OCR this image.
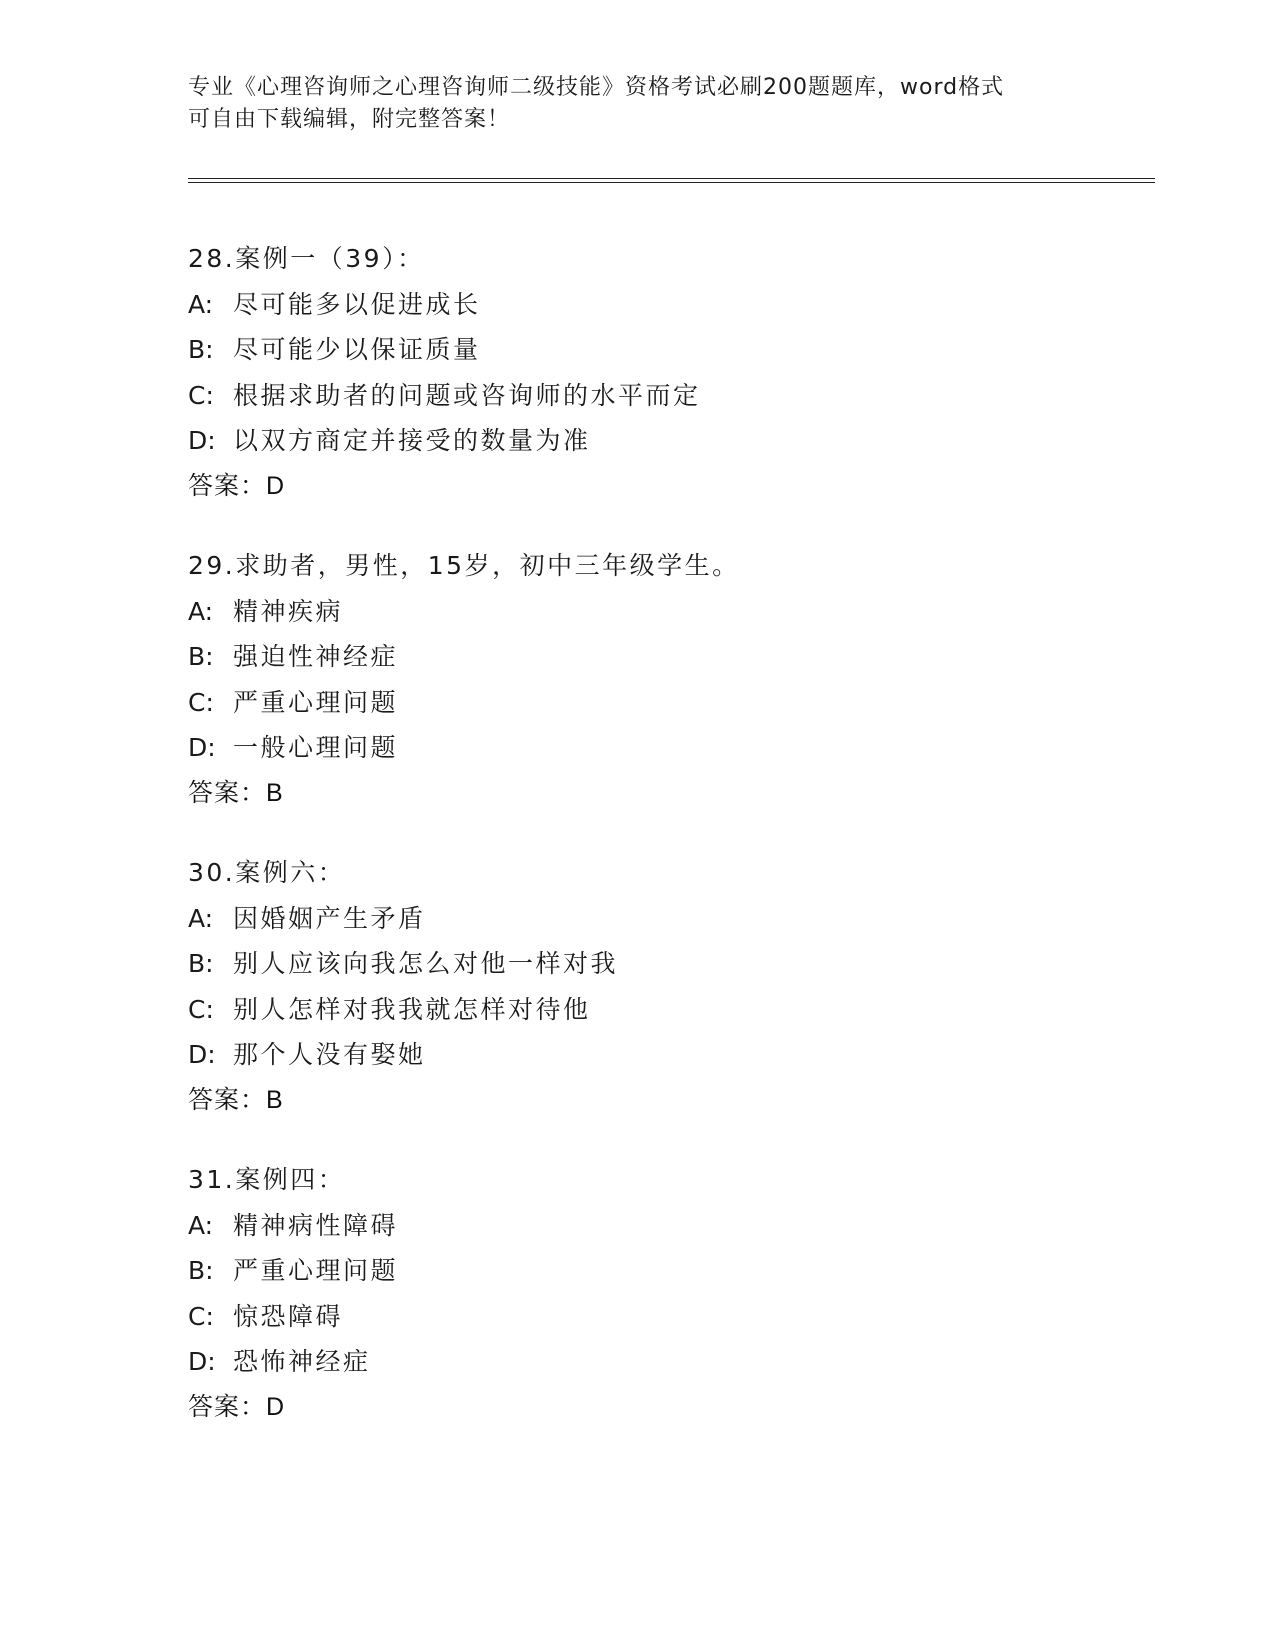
专业《心理咨询师之心理咨询师二级技能》资格考试必刷200题题库，word格式
可自由下载编辑，附完整答案！
28.案例一（39）：
A: 尽可能多以促进成长
B: 尽可能少以保证质量
C: 根据求助者的问题或咨询师的水平而定
D: 以双方商定并接受的数量为准
答案：D
29.求助者，男性，15岁，初中三年级学生。
A: 精神疾病
B: 强迫性神经症
C: 严重心理问题
D: 一般心理问题
答案：B
30.案例六：
A: 因婚姻产生矛盾
B: 别人应该向我怎么对他一样对我
C: 别人怎样对我我就怎样对待他
D: 那个人没有娶她
答案：B
31.案例四：
A: 精神病性障碍
B: 严重心理问题
C: 惊恐障碍
D: 恐怖神经症
答案：D
